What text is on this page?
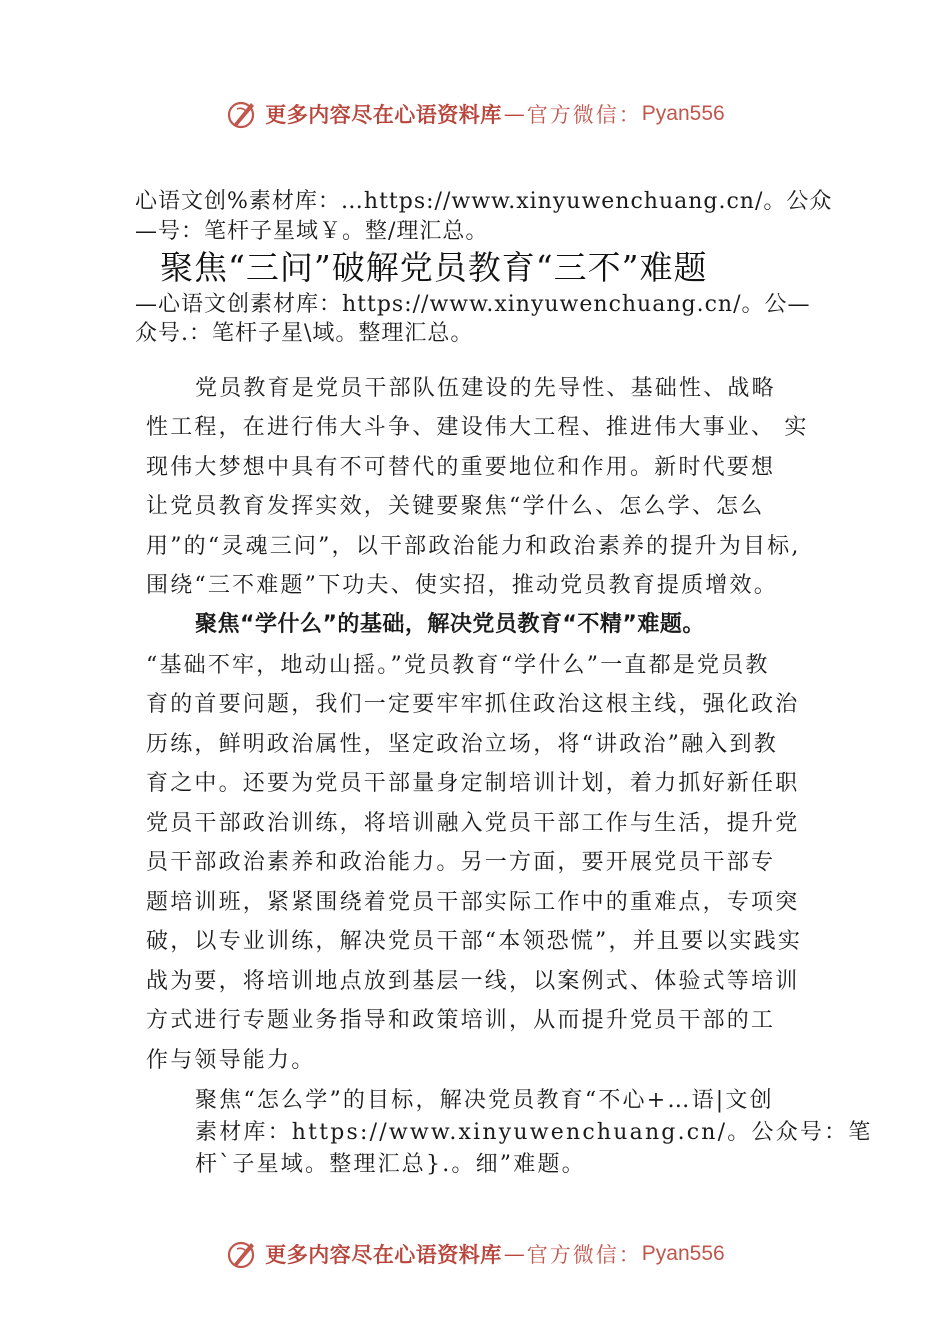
更多内容尽在心语资料库 — 官方微信： Pyan556
心语文创%素材库：…https://www.xinyuwenchuang.cn/。公众
—号：笔杆子星域￥。整/理汇总。
聚焦“三问”破解党员教育“三不”难题
—心语文创素材库：https://www.xinyuwenchuang.cn/。公—
众号.：笔杆子星\域。整理汇总。
党员教育是党员干部队伍建设的先导性、基础性、战略
性工程，在进行伟大斗争、建设伟大工程、推进伟大事业、 实
现伟大梦想中具有不可替代的重要地位和作用。新时代要想
让党员教育发挥实效，关键要聚焦“学什么、怎么学、怎么
用”的“灵魂三问”，以干部政治能力和政治素养的提升为目标,
围绕“三不难题”下功夫、使实招，推动党员教育提质增效。
聚焦“学什么”的基础，解决党员教育“不精”难题。
“基础不牢，地动山摇。”党员教育“学什么”一直都是党员教
育的首要问题，我们一定要牢牢抓住政治这根主线，强化政治
历练，鲜明政治属性，坚定政治立场，将“讲政治”融入到教
育之中。还要为党员干部量身定制培训计划，着力抓好新任职
党员干部政治训练，将培训融入党员干部工作与生活，提升党
员干部政治素养和政治能力。另一方面，要开展党员干部专
题培训班，紧紧围绕着党员干部实际工作中的重难点，专项突
破，以专业训练，解决党员干部“本领恐慌”，并且要以实践实
战为要，将培训地点放到基层一线，以案例式、体验式等培训
方式进行专题业务指导和政策培训，从而提升党员干部的工
作与领导能力。
聚焦“怎么学”的目标，解决党员教育“不心+…语|文创
素材库：https://www.xinyuwenchuang.cn/。公众号：笔
杆`子星域。整理汇总}.。细”难题。
更多内容尽在心语资料库 — 官方微信： Pyan556
